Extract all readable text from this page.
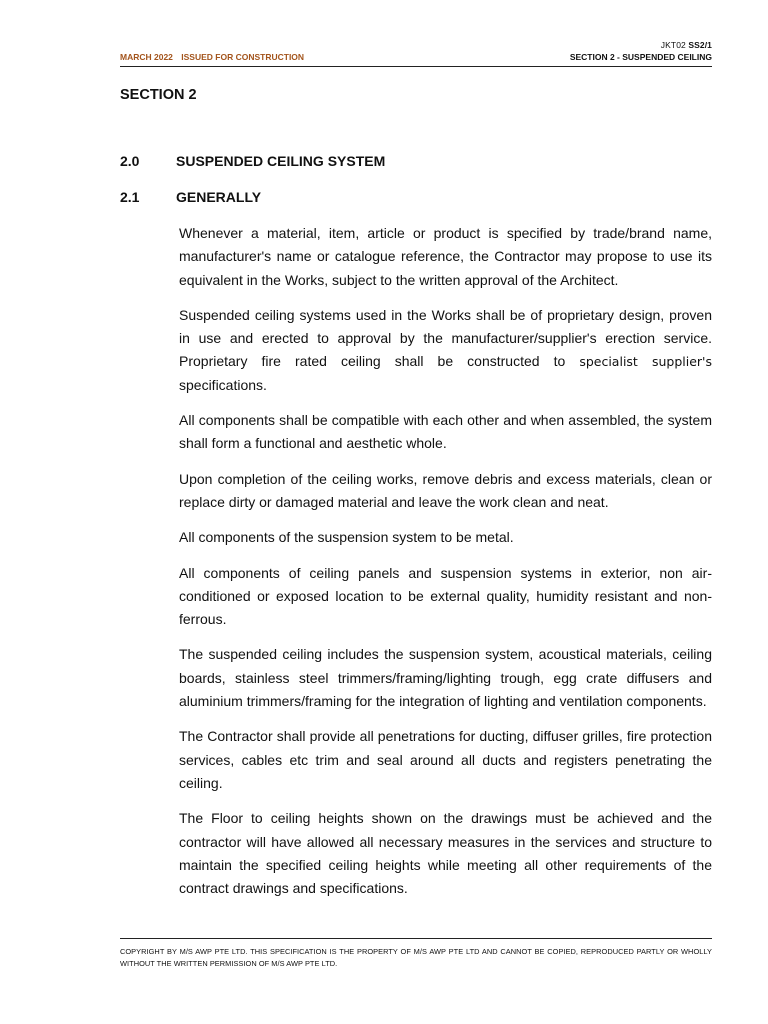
JKT02 SS2/1
MARCH 2022 ISSUED FOR CONSTRUCTION	SECTION 2 - SUSPENDED CEILING
SECTION 2
2.0	SUSPENDED CEILING SYSTEM
2.1	GENERALLY

Whenever a material, item, article or product is specified by trade/brand name, manufacturer's name or catalogue reference, the Contractor may propose to use its equivalent in the Works, subject to the written approval of the Architect.

Suspended ceiling systems used in the Works shall be of proprietary design, proven in use and erected to approval by the manufacturer/supplier's erection service. Proprietary fire rated ceiling shall be constructed to specialist supplier's specifications.

All components shall be compatible with each other and when assembled, the system shall form a functional and aesthetic whole.

Upon completion of the ceiling works, remove debris and excess materials, clean or replace dirty or damaged material and leave the work clean and neat.

All components of the suspension system to be metal.

All components of ceiling panels and suspension systems in exterior, non air-conditioned or exposed location to be external quality, humidity resistant and non-ferrous.

The suspended ceiling includes the suspension system, acoustical materials, ceiling boards, stainless steel trimmers/framing/lighting trough, egg crate diffusers and aluminium trimmers/framing for the integration of lighting and ventilation components.

The Contractor shall provide all penetrations for ducting, diffuser grilles, fire protection services, cables etc trim and seal around all ducts and registers penetrating the ceiling.

The Floor to ceiling heights shown on the drawings must be achieved and the contractor will have allowed all necessary measures in the services and structure to maintain the specified ceiling heights while meeting all other requirements of the contract drawings and specifications.

COPYRIGHT BY M/S AWP PTE LTD. THIS SPECIFICATION IS THE PROPERTY OF M/S AWP PTE LTD AND CANNOT BE COPIED, REPRODUCED PARTLY OR WHOLLY WITHOUT THE WRITTEN PERMISSION OF M/S AWP PTE LTD.
